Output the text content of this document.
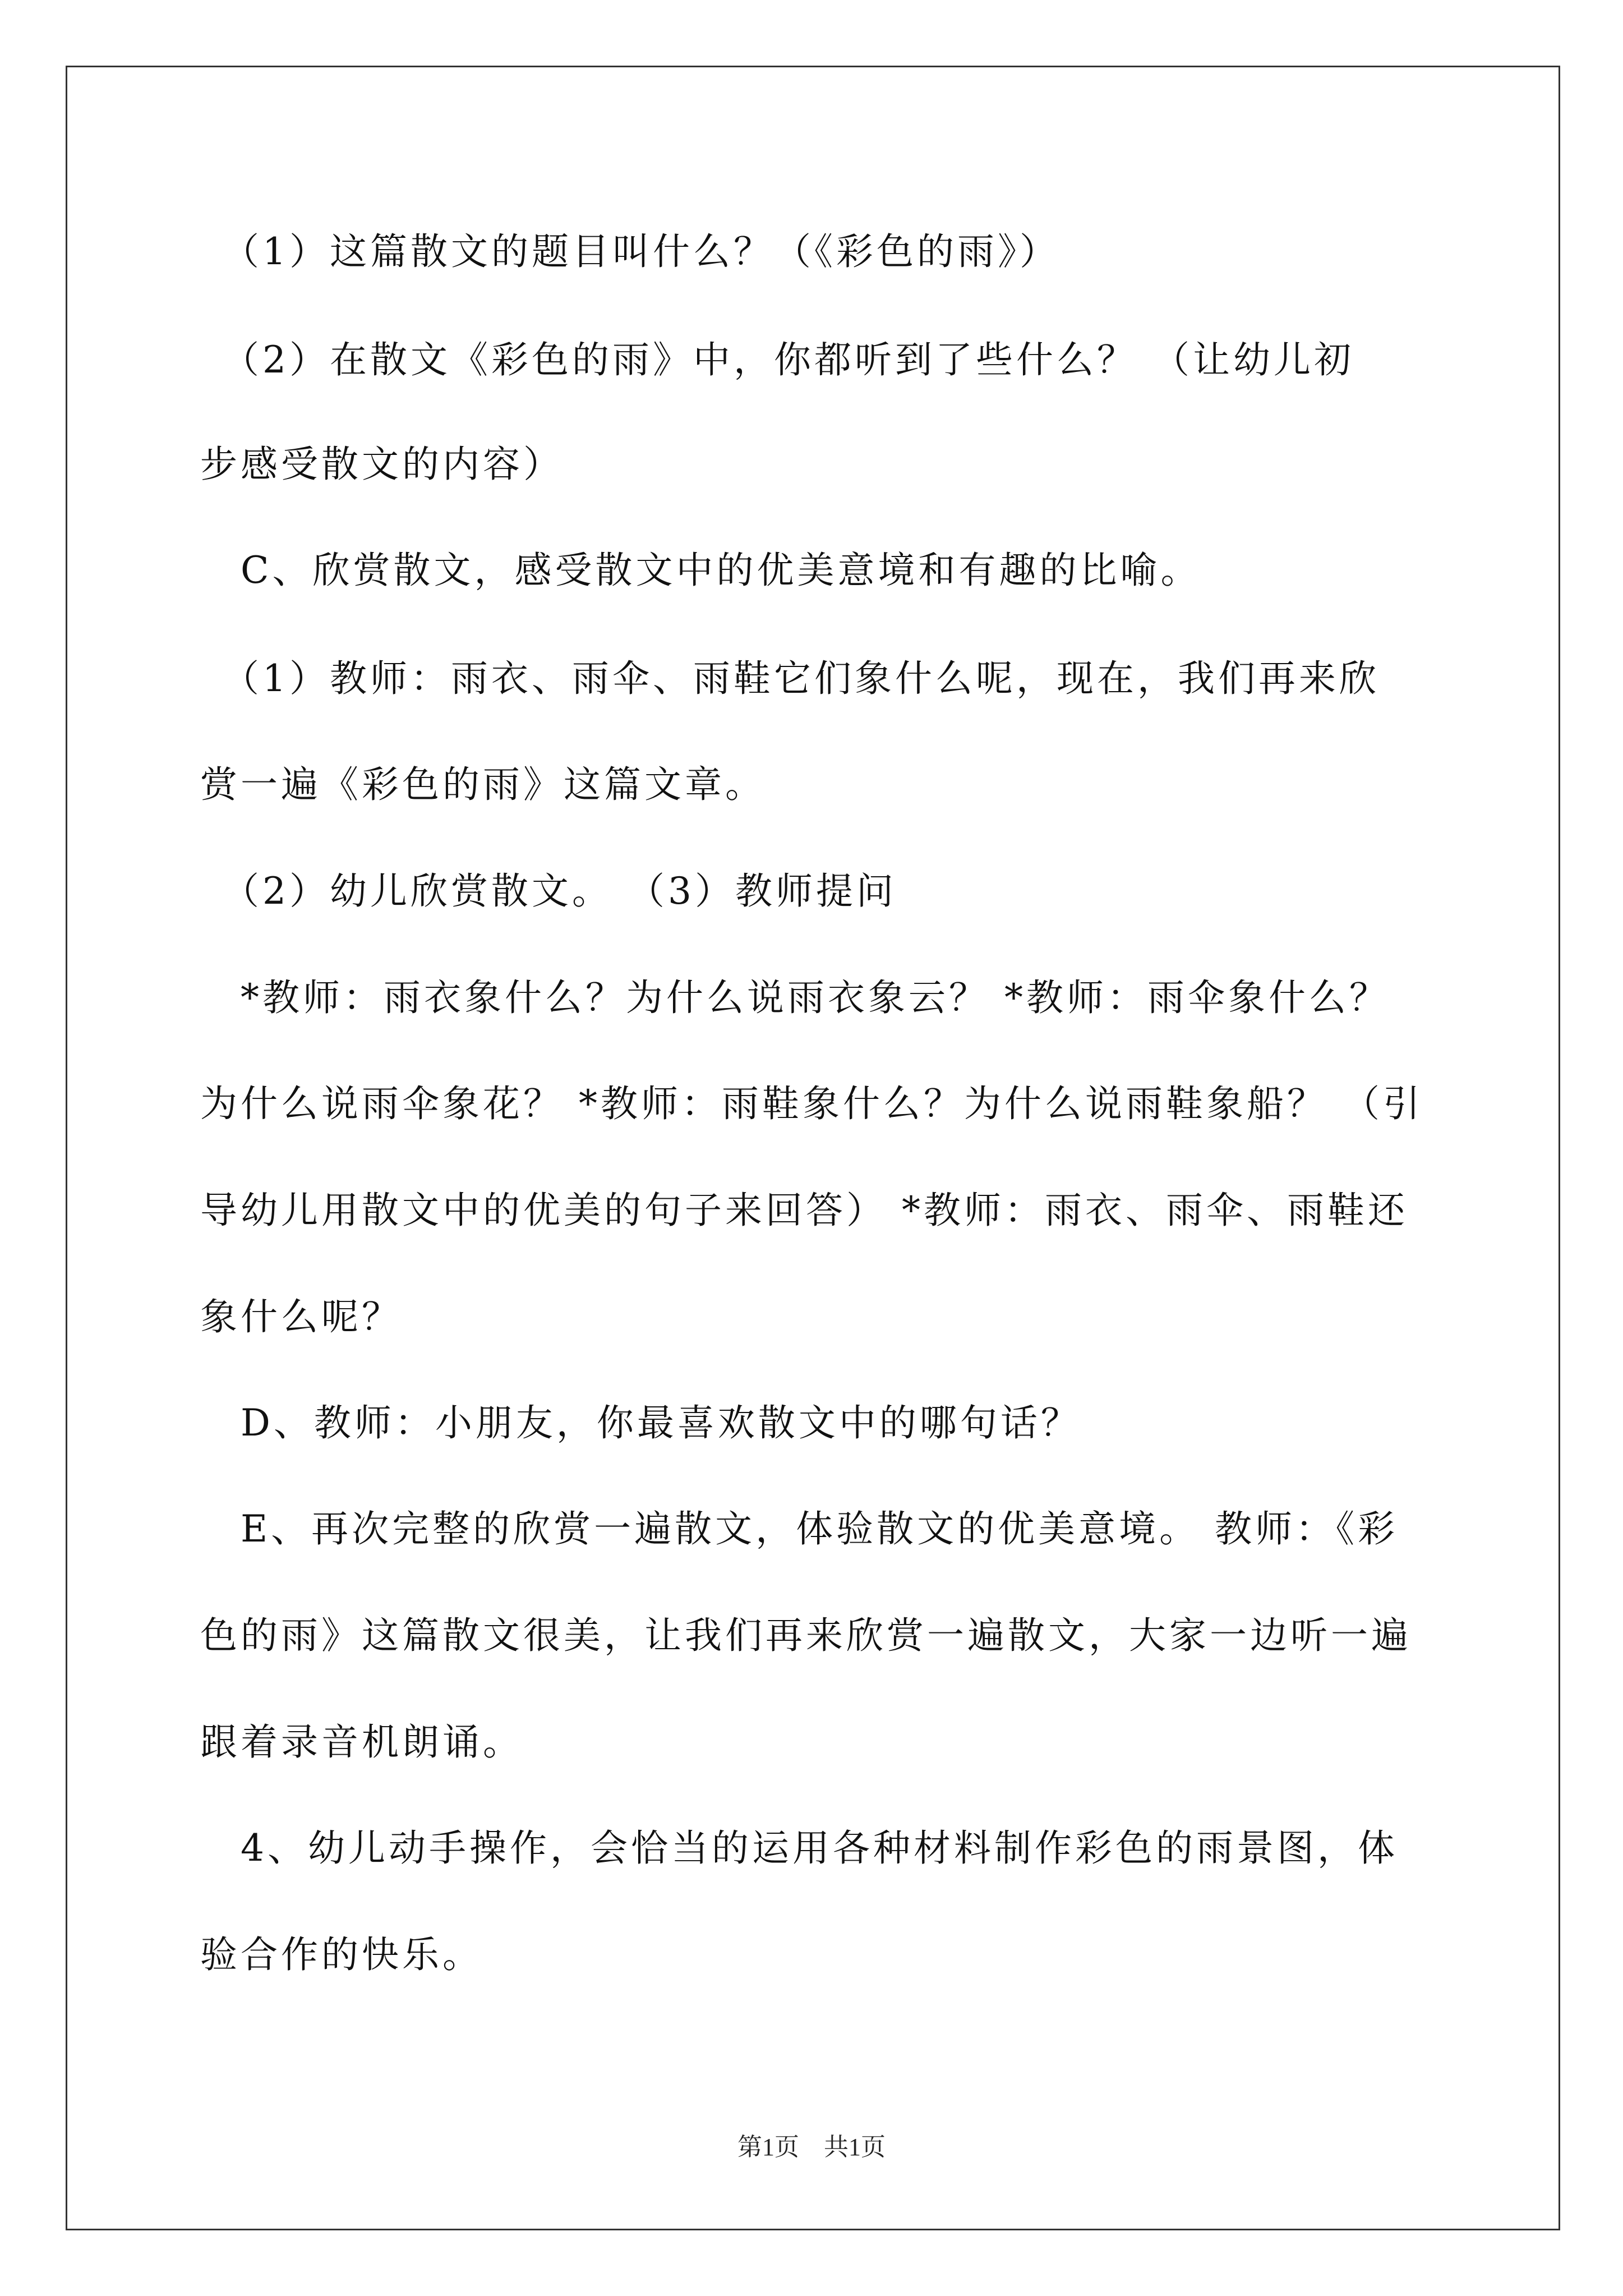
　（1）这篇散文的题目叫什么？（《彩色的雨》）
　（2）在散文《彩色的雨》中，你都听到了些什么？ （让幼儿初
步感受散文的内容）
　C、欣赏散文，感受散文中的优美意境和有趣的比喻。
　（1）教师：雨衣、雨伞、雨鞋它们象什么呢，现在，我们再来欣
赏一遍《彩色的雨》这篇文章。
　（2）幼儿欣赏散文。 （3）教师提问
　*教师：雨衣象什么？为什么说雨衣象云？ *教师：雨伞象什么？
为什么说雨伞象花？ *教师：雨鞋象什么？为什么说雨鞋象船？ （引
导幼儿用散文中的优美的句子来回答） *教师：雨衣、雨伞、雨鞋还
象什么呢？
　D、教师：小朋友，你最喜欢散文中的哪句话？
　E、再次完整的欣赏一遍散文，体验散文的优美意境。 教师：《彩
色的雨》这篇散文很美，让我们再来欣赏一遍散文，大家一边听一遍
跟着录音机朗诵。
　4、幼儿动手操作，会恰当的运用各种材料制作彩色的雨景图，体
验合作的快乐。
第1页　共1页
